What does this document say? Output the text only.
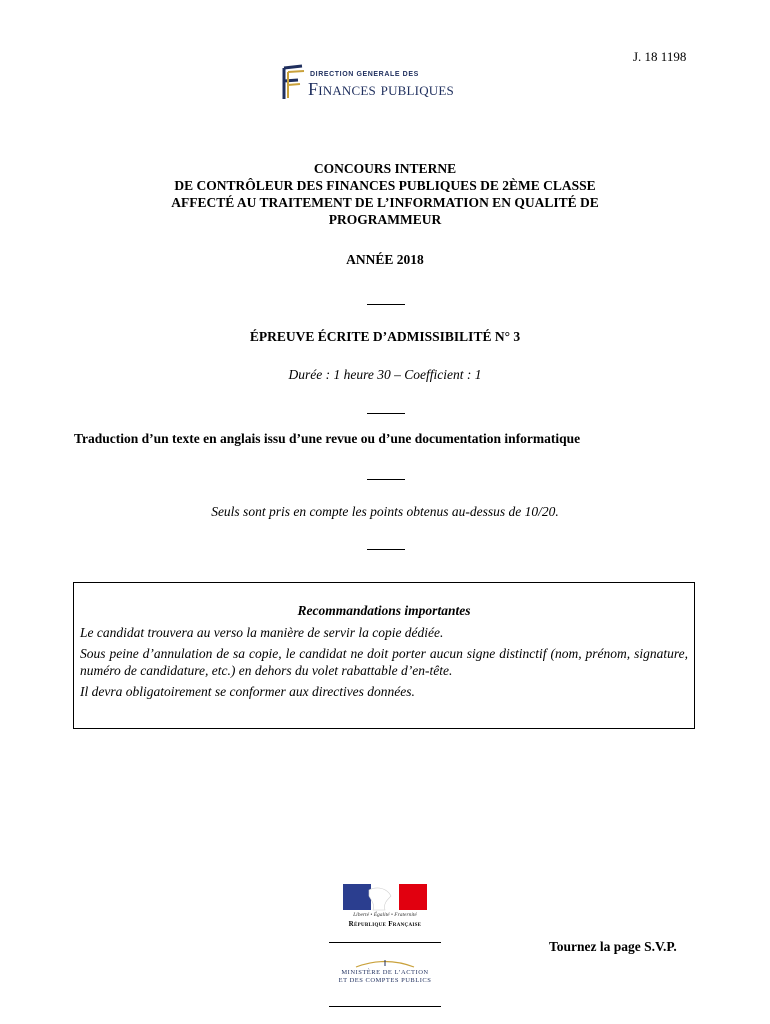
J. 18 1198
DIRECTION GENERALE DES
Finances publiques
CONCOURS INTERNE
DE CONTRÔLEUR DES FINANCES PUBLIQUES DE 2ÈME CLASSE
AFFECTÉ AU TRAITEMENT DE L’INFORMATION EN QUALITÉ DE
PROGRAMMEUR
ANNÉE 2018
ÉPREUVE ÉCRITE D’ADMISSIBILITÉ N° 3
Durée : 1 heure 30 – Coefficient : 1
Traduction d’un texte en anglais issu d’une revue ou d’une documentation informatique
Seuls sont pris en compte les points obtenus au-dessus de 10/20.
Recommandations importantes

Le candidat trouvera au verso la manière de servir la copie dédiée.

Sous peine d’annulation de sa copie, le candidat ne doit porter aucun signe distinctif (nom, prénom, signature, numéro de candidature, etc.) en dehors du volet rabattable d’en-tête.

Il devra obligatoirement se conformer aux directives données.

Liberté • Égalité • Fraternité
République Française
MINISTÈRE DE L’ACTION
ET DES COMPTES PUBLICS
Tournez la page S.V.P.
